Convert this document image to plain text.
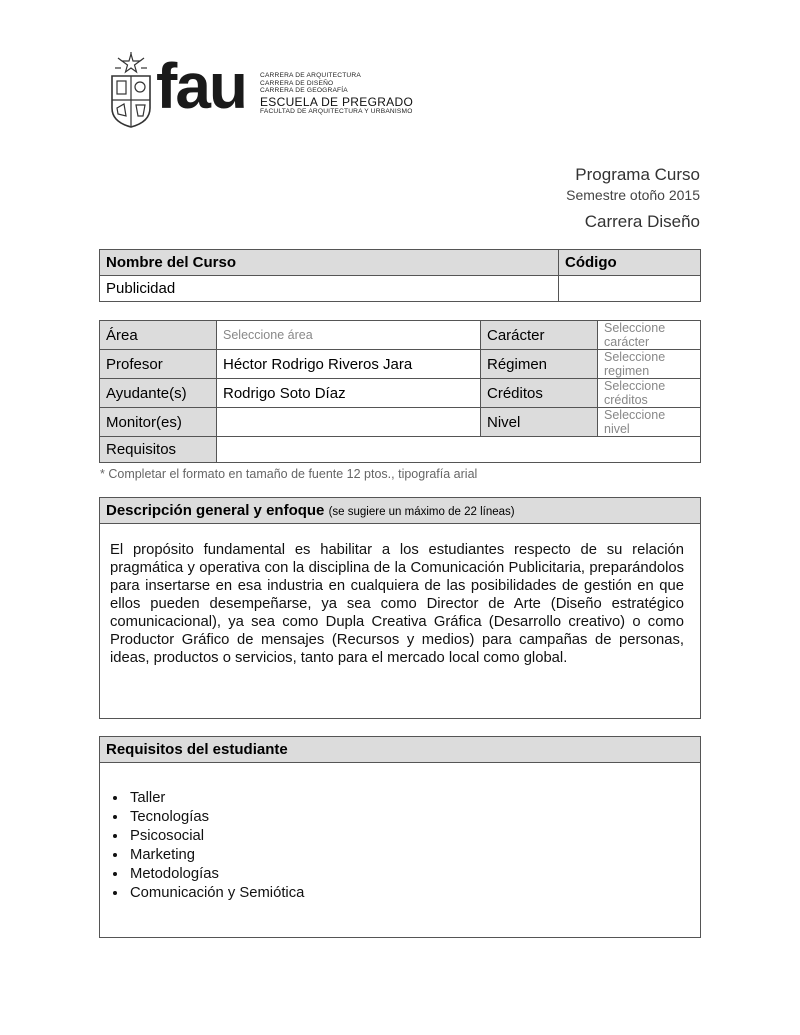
fau CARRERA DE ARQUITECTURA
CARRERA DE DISEÑO
CARRERA DE GEOGRAFÍA
ESCUELA DE PREGRADO
FACULTAD DE ARQUITECTURA Y URBANISMO
Programa Curso
Semestre otoño 2015
Carrera Diseño
Nombre del Curso	Código
Publicidad	
Área	Seleccione área	Carácter	Seleccione carácter
Profesor	Héctor Rodrigo Riveros Jara	Régimen	Seleccione regimen
Ayudante(s)	Rodrigo Soto Díaz	Créditos	Seleccione créditos
Monitor(es)		Nivel	Seleccione nivel
Requisitos			
* Completar el formato en tamaño de fuente 12 ptos., tipografía arial
Descripción general y enfoque (se sugiere un máximo de 22 líneas)
El propósito fundamental es habilitar a los estudiantes respecto de su relación pragmática y operativa con la disciplina de la Comunicación Publicitaria, preparándolos para insertarse en esa industria en cualquiera de las posibilidades de gestión en que ellos pueden desempeñarse, ya sea como Director de Arte (Diseño estratégico comunicacional), ya sea como Dupla Creativa Gráfica (Desarrollo creativo) o como Productor Gráfico de mensajes (Recursos y medios) para campañas de personas, ideas, productos o servicios, tanto para el mercado local como global.
Requisitos del estudiante
• Taller
• Tecnologías
• Psicosocial
• Marketing
• Metodologías
• Comunicación y Semiótica
